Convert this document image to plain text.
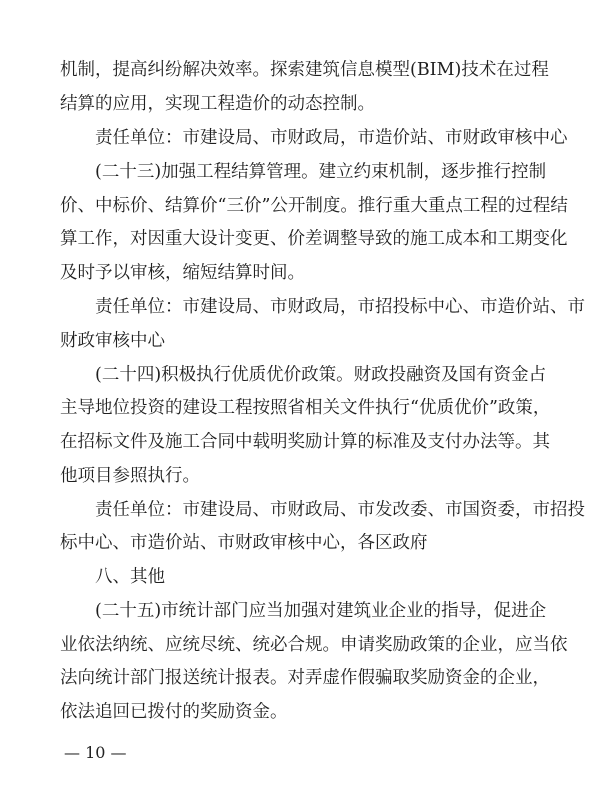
机制，提高纠纷解决效率。探索建筑信息模型(BIM)技术在过程
结算的应用，实现工程造价的动态控制。
　　责任单位：市建设局、市财政局，市造价站、市财政审核中心
　　(二十三)加强工程结算管理。建立约束机制，逐步推行控制
价、中标价、结算价“三价”公开制度。推行重大重点工程的过程结
算工作，对因重大设计变更、价差调整导致的施工成本和工期变化
及时予以审核，缩短结算时间。
　　责任单位：市建设局、市财政局，市招投标中心、市造价站、市
财政审核中心
　　(二十四)积极执行优质优价政策。财政投融资及国有资金占
主导地位投资的建设工程按照省相关文件执行“优质优价”政策，
在招标文件及施工合同中载明奖励计算的标准及支付办法等。其
他项目参照执行。
　　责任单位：市建设局、市财政局、市发改委、市国资委，市招投
标中心、市造价站、市财政审核中心，各区政府
　　八、其他
　　(二十五)市统计部门应当加强对建筑业企业的指导，促进企
业依法纳统、应统尽统、统必合规。申请奖励政策的企业，应当依
法向统计部门报送统计报表。对弄虚作假骗取奖励资金的企业，
依法追回已拨付的奖励资金。
— 10 —
